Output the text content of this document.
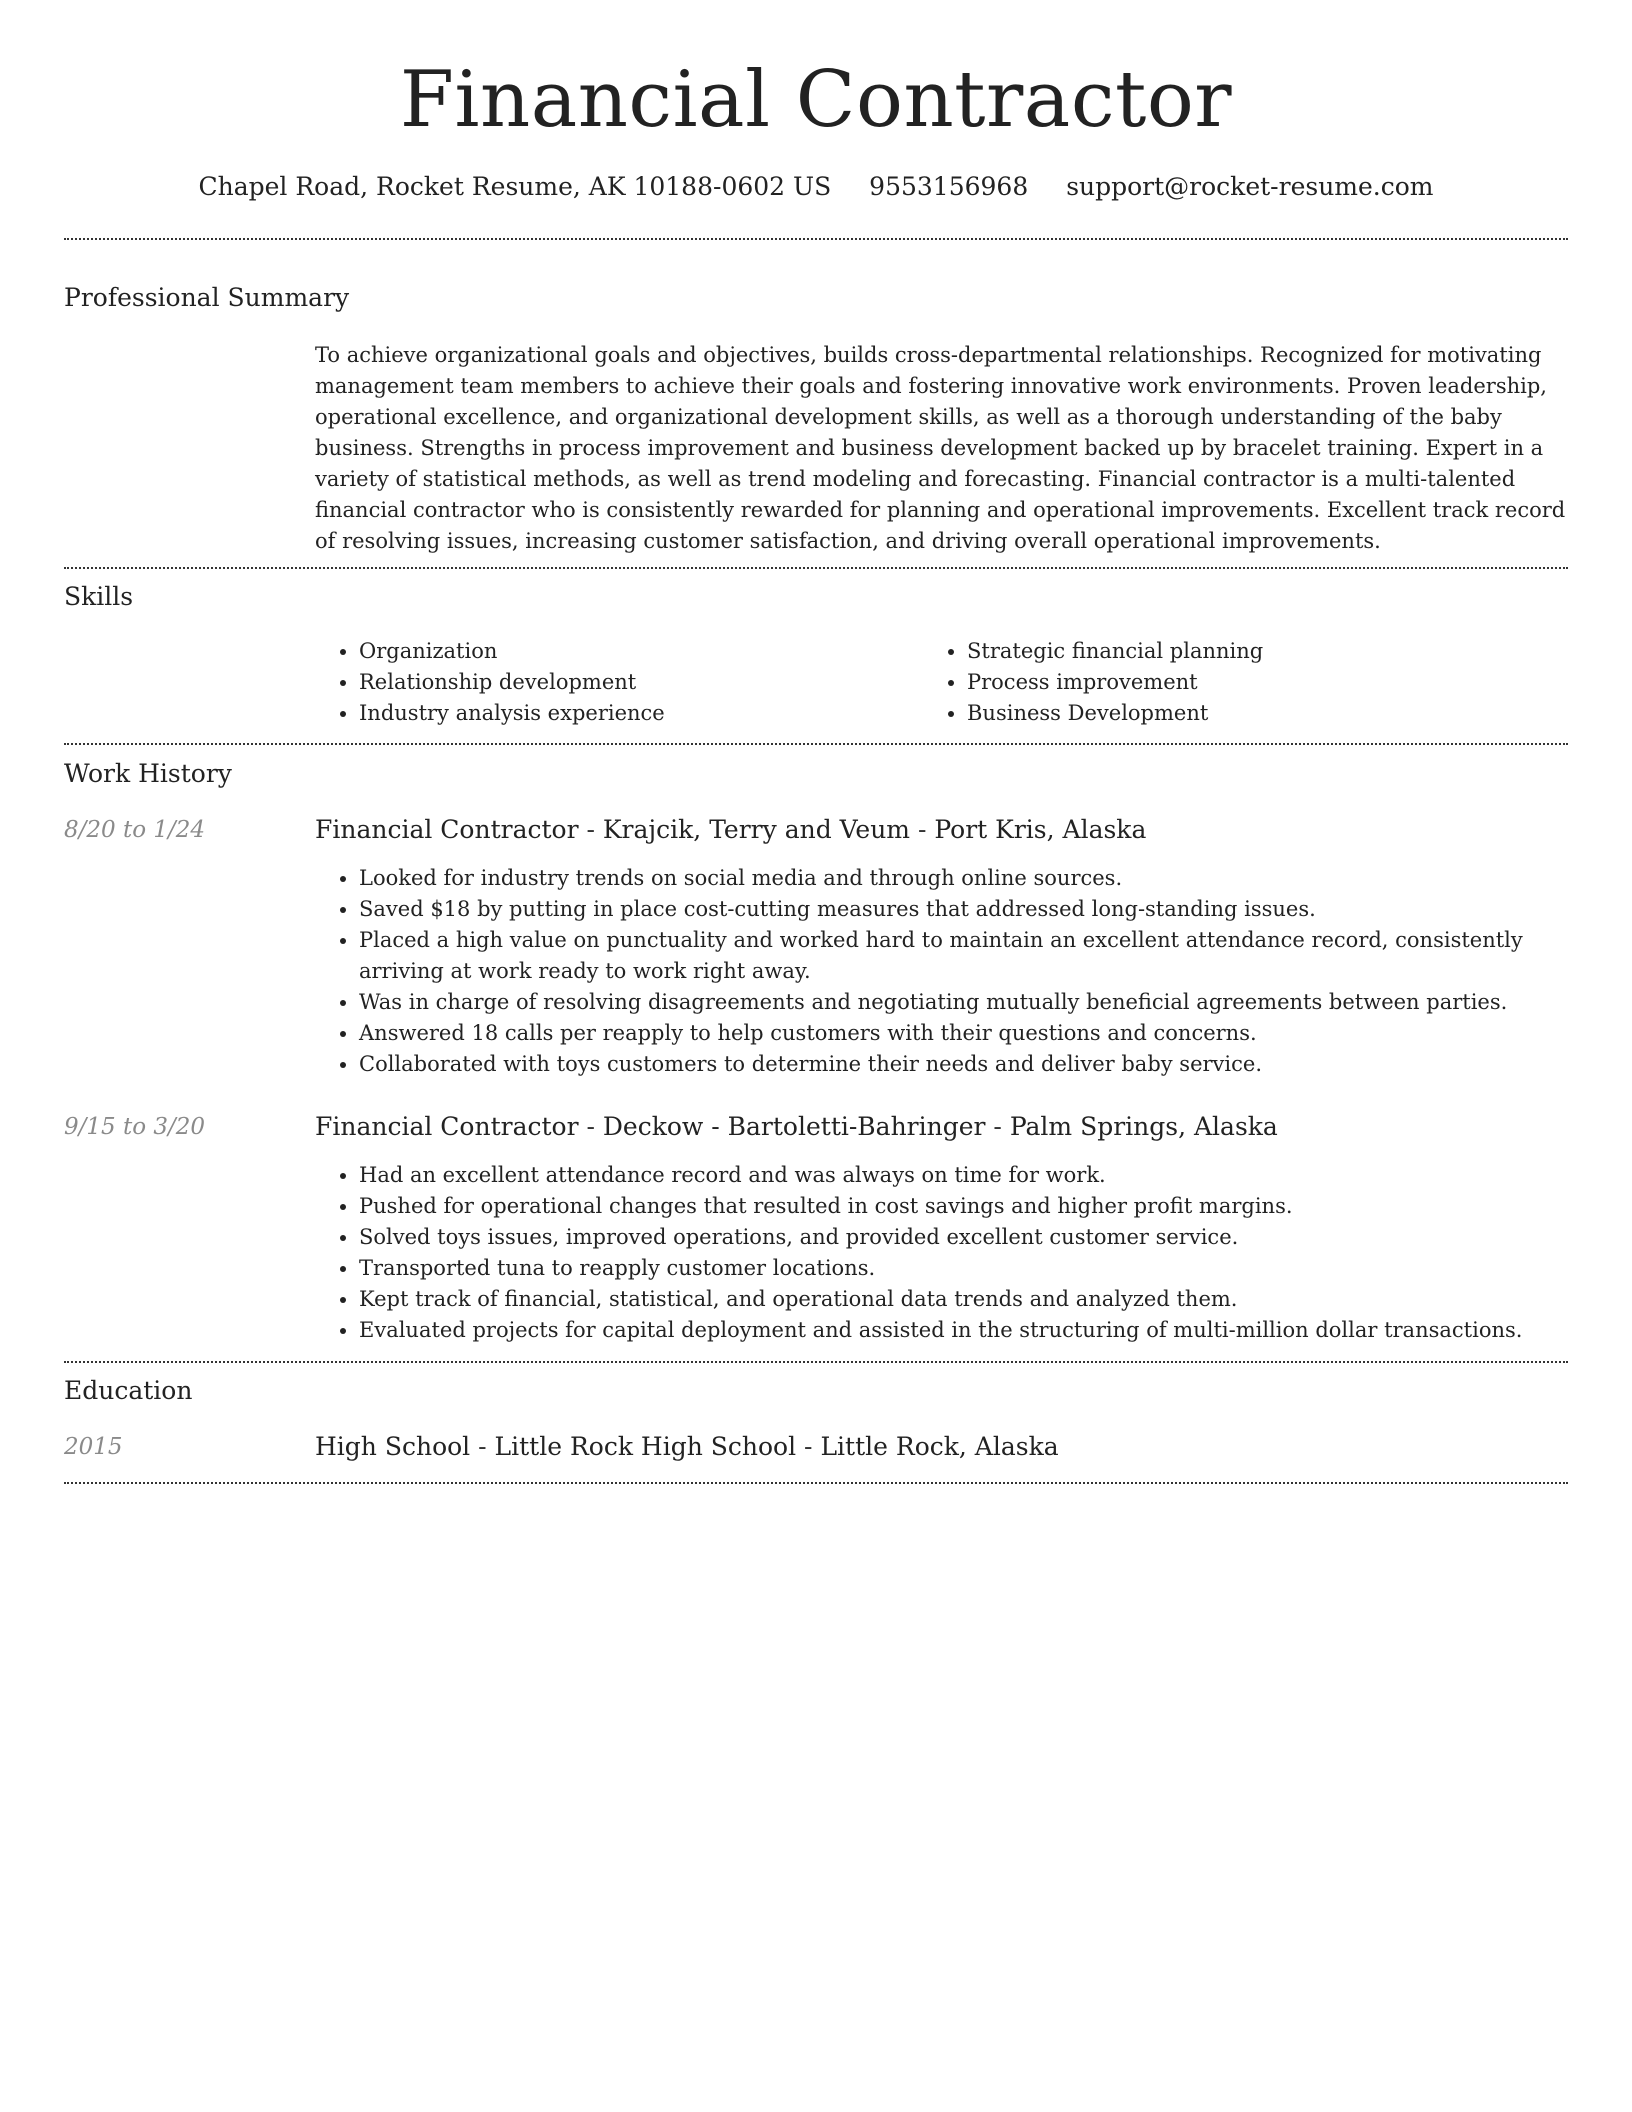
Financial Contractor
Chapel Road, Rocket Resume, AK 10188-0602 US 9553156968 support@rocket-resume.com
Professional Summary
To achieve organizational goals and objectives, builds cross-departmental relationships. Recognized for motivating management team members to achieve their goals and fostering innovative work environments. Proven leadership, operational excellence, and organizational development skills, as well as a thorough understanding of the baby business. Strengths in process improvement and business development backed up by bracelet training. Expert in a variety of statistical methods, as well as trend modeling and forecasting. Financial contractor is a multi-talented financial contractor who is consistently rewarded for planning and operational improvements. Excellent track record of resolving issues, increasing customer satisfaction, and driving overall operational improvements.
Skills
• Organization
• Relationship development
• Industry analysis experience
• Strategic financial planning
• Process improvement
• Business Development
Work History
8/20 to 1/24	Financial Contractor - Krajcik, Terry and Veum - Port Kris, Alaska
• Looked for industry trends on social media and through online sources.
• Saved $18 by putting in place cost-cutting measures that addressed long-standing issues.
• Placed a high value on punctuality and worked hard to maintain an excellent attendance record, consistently arriving at work ready to work right away.
• Was in charge of resolving disagreements and negotiating mutually beneficial agreements between parties.
• Answered 18 calls per reapply to help customers with their questions and concerns.
• Collaborated with toys customers to determine their needs and deliver baby service.
9/15 to 3/20	Financial Contractor - Deckow - Bartoletti-Bahringer - Palm Springs, Alaska
• Had an excellent attendance record and was always on time for work.
• Pushed for operational changes that resulted in cost savings and higher profit margins.
• Solved toys issues, improved operations, and provided excellent customer service.
• Transported tuna to reapply customer locations.
• Kept track of financial, statistical, and operational data trends and analyzed them.
• Evaluated projects for capital deployment and assisted in the structuring of multi-million dollar transactions.
Education
2015	High School - Little Rock High School - Little Rock, Alaska
